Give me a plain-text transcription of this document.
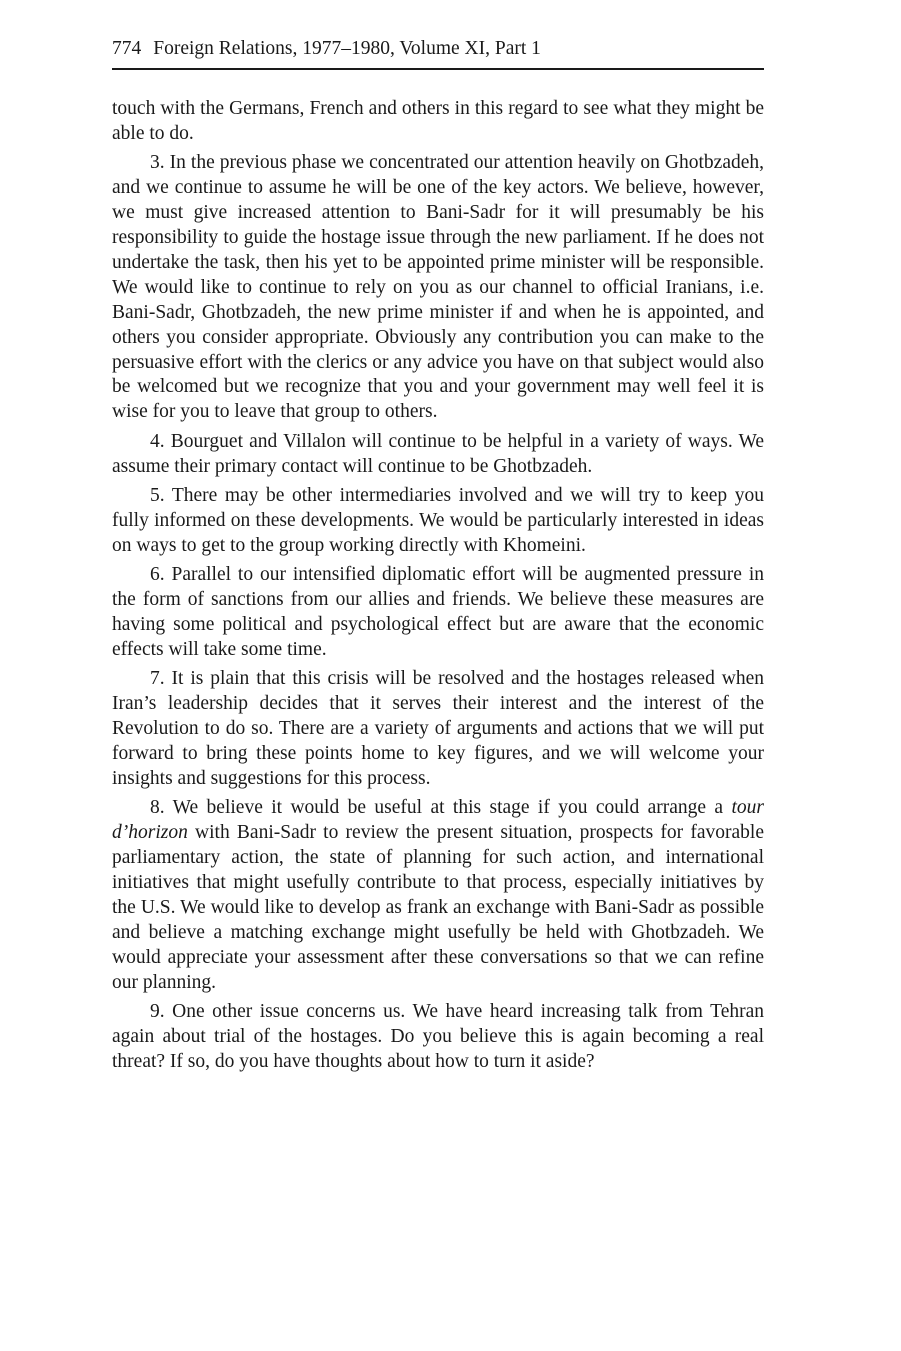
774 Foreign Relations, 1977–1980, Volume XI, Part 1

touch with the Germans, French and others in this regard to see what they might be able to do.

3. In the previous phase we concentrated our attention heavily on Ghotbzadeh, and we continue to assume he will be one of the key actors. We believe, however, we must give increased attention to Bani-Sadr for it will presumably be his responsibility to guide the hostage issue through the new parliament. If he does not undertake the task, then his yet to be appointed prime minister will be responsible. We would like to continue to rely on you as our channel to official Iranians, i.e. Bani-Sadr, Ghotbzadeh, the new prime minister if and when he is appointed, and others you consider appropriate. Obviously any contribution you can make to the persuasive effort with the clerics or any advice you have on that subject would also be welcomed but we recognize that you and your government may well feel it is wise for you to leave that group to others.

4. Bourguet and Villalon will continue to be helpful in a variety of ways. We assume their primary contact will continue to be Ghotbzadeh.

5. There may be other intermediaries involved and we will try to keep you fully informed on these developments. We would be particularly interested in ideas on ways to get to the group working directly with Khomeini.

6. Parallel to our intensified diplomatic effort will be augmented pressure in the form of sanctions from our allies and friends. We believe these measures are having some political and psychological effect but are aware that the economic effects will take some time.

7. It is plain that this crisis will be resolved and the hostages released when Iran’s leadership decides that it serves their interest and the interest of the Revolution to do so. There are a variety of arguments and actions that we will put forward to bring these points home to key figures, and we will welcome your insights and suggestions for this process.

8. We believe it would be useful at this stage if you could arrange a tour d’horizon with Bani-Sadr to review the present situation, prospects for favorable parliamentary action, the state of planning for such action, and international initiatives that might usefully contribute to that process, especially initiatives by the U.S. We would like to develop as frank an exchange with Bani-Sadr as possible and believe a matching exchange might usefully be held with Ghotbzadeh. We would appreciate your assessment after these conversations so that we can refine our planning.

9. One other issue concerns us. We have heard increasing talk from Tehran again about trial of the hostages. Do you believe this is again becoming a real threat? If so, do you have thoughts about how to turn it aside?
